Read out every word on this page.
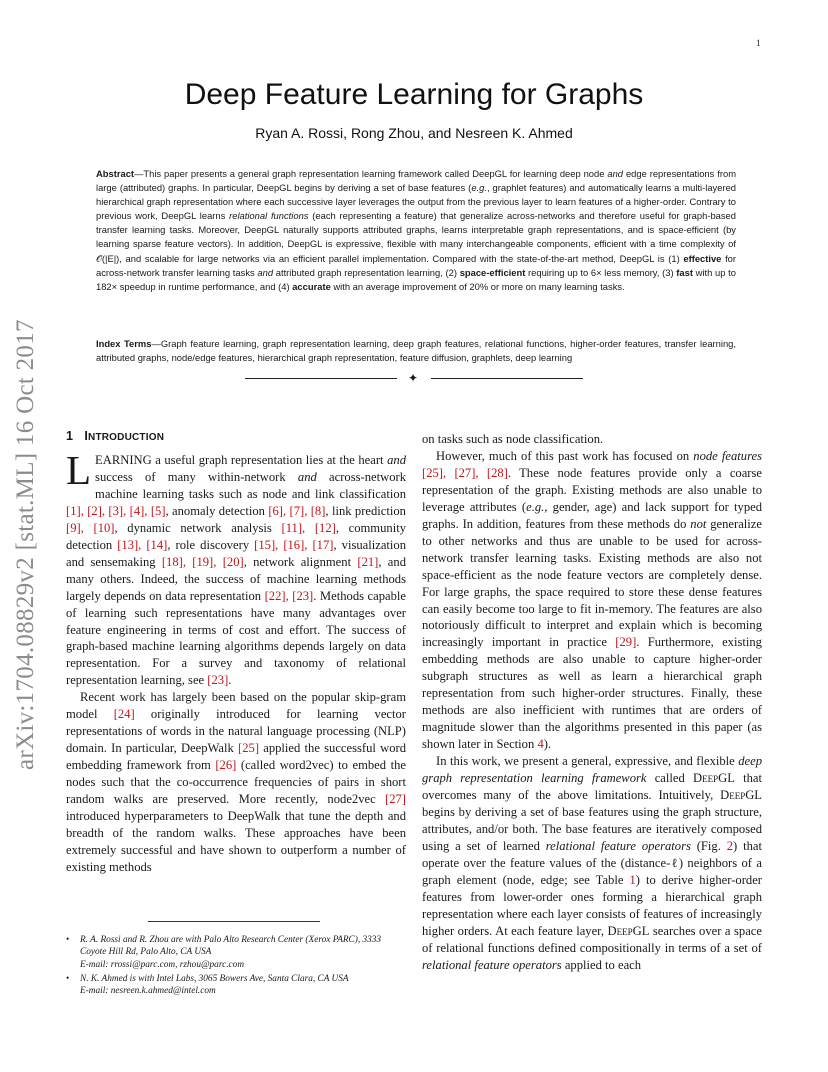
1
arXiv:1704.08829v2 [stat.ML] 16 Oct 2017
Deep Feature Learning for Graphs
Ryan A. Rossi, Rong Zhou, and Nesreen K. Ahmed

Abstract—This paper presents a general graph representation learning framework called DeepGL for learning deep node and edge representations from large (attributed) graphs. In particular, DeepGL begins by deriving a set of base features (e.g., graphlet features) and automatically learns a multi-layered hierarchical graph representation where each successive layer leverages the output from the previous layer to learn features of a higher-order. Contrary to previous work, DeepGL learns relational functions (each representing a feature) that generalize across-networks and therefore useful for graph-based transfer learning tasks. Moreover, DeepGL naturally supports attributed graphs, learns interpretable graph representations, and is space-efficient (by learning sparse feature vectors). In addition, DeepGL is expressive, flexible with many interchangeable components, efficient with a time complexity of 𝒪(|E|), and scalable for large networks via an efficient parallel implementation. Compared with the state-of-the-art method, DeepGL is (1) effective for across-network transfer learning tasks and attributed graph representation learning, (2) space-efficient requiring up to 6× less memory, (3) fast with up to 182× speedup in runtime performance, and (4) accurate with an average improvement of 20% or more on many learning tasks.

Index Terms—Graph feature learning, graph representation learning, deep graph features, relational functions, higher-order features, transfer learning, attributed graphs, node/edge features, hierarchical graph representation, feature diffusion, graphlets, deep learning

✦
1 INTRODUCTION

LEARNING a useful graph representation lies at the heart and success of many within-network and across-network machine learning tasks such as node and link classification [1], [2], [3], [4], [5], anomaly detection [6], [7], [8], link prediction [9], [10], dynamic network analysis [11], [12], community detection [13], [14], role discovery [15], [16], [17], visualization and sensemaking [18], [19], [20], network alignment [21], and many others. Indeed, the success of machine learning methods largely depends on data representation [22], [23]. Methods capable of learning such representations have many advantages over feature engineering in terms of cost and effort. The success of graph-based machine learning algorithms depends largely on data representation. For a survey and taxonomy of relational representation learning, see [23].

Recent work has largely been based on the popular skip-gram model [24] originally introduced for learning vector representations of words in the natural language processing (NLP) domain. In particular, DeepWalk [25] applied the successful word embedding framework from [26] (called word2vec) to embed the nodes such that the co-occurrence frequencies of pairs in short random walks are preserved. More recently, node2vec [27] introduced hyperparameters to DeepWalk that tune the depth and breadth of the random walks. These approaches have been extremely successful and have shown to outperform a number of existing methods

• R. A. Rossi and R. Zhou are with Palo Alto Research Center (Xerox PARC), 3333 Coyote Hill Rd, Palo Alto, CA USA
E-mail: rrossi@parc.com, rzhou@parc.com
• N. K. Ahmed is with Intel Labs, 3065 Bowers Ave, Santa Clara, CA USA
E-mail: nesreen.k.ahmed@intel.com

on tasks such as node classification.

However, much of this past work has focused on node features [25], [27], [28]. These node features provide only a coarse representation of the graph. Existing methods are also unable to leverage attributes (e.g., gender, age) and lack support for typed graphs. In addition, features from these methods do not generalize to other networks and thus are unable to be used for across-network transfer learning tasks. Existing methods are also not space-efficient as the node feature vectors are completely dense. For large graphs, the space required to store these dense features can easily become too large to fit in-memory. The features are also notoriously difficult to interpret and explain which is becoming increasingly important in practice [29]. Furthermore, existing embedding methods are also unable to capture higher-order subgraph structures as well as learn a hierarchical graph representation from such higher-order structures. Finally, these methods are also inefficient with runtimes that are orders of magnitude slower than the algorithms presented in this paper (as shown later in Section 4).

In this work, we present a general, expressive, and flexible deep graph representation learning framework called DeepGL that overcomes many of the above limitations. Intuitively, DeepGL begins by deriving a set of base features using the graph structure, attributes, and/or both. The base features are iteratively composed using a set of learned relational feature operators (Fig. 2) that operate over the feature values of the (distance-ℓ) neighbors of a graph element (node, edge; see Table 1) to derive higher-order features from lower-order ones forming a hierarchical graph representation where each layer consists of features of increasingly higher orders. At each feature layer, DeepGL searches over a space of relational functions defined compositionally in terms of a set of relational feature operators applied to each
